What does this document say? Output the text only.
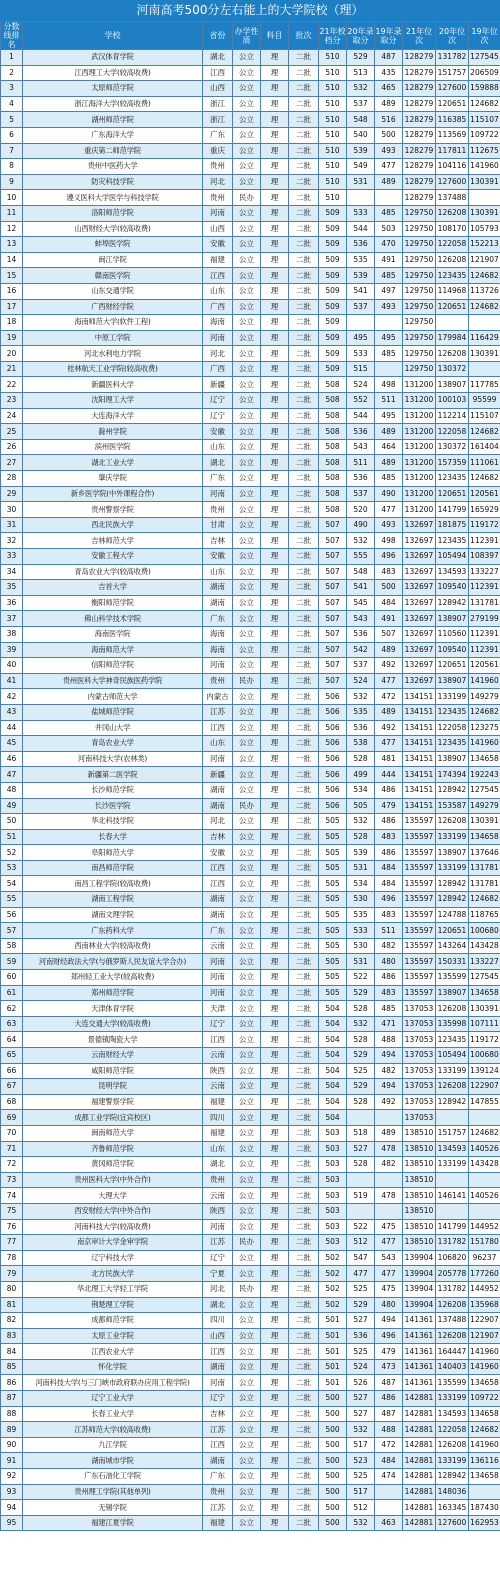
河南高考500分左右能上的大学院校（理）
分数线排名	学校	省份	办学性质	科目	批次	21年校档分	20年录取分	19年录取分	21年位次	20年位次	19年位次
1	武汉体育学院	湖北	公立	理	二批	510	529	487	128279	131782	127545
2	江西理工大学(较高收费)	江西	公立	理	二批	510	513	435	128279	151757	206509
3	太原师范学院	山西	公立	理	二批	510	532	465	128279	127600	159888
4	浙江海洋大学(较高收费)	浙江	公立	理	二批	510	537	489	128279	120651	124682
5	湖州师范学院	浙江	公立	理	二批	510	548	516	128279	116385	115107
6	广东海洋大学	广东	公立	理	二批	510	540	500	128279	113569	109722
7	重庆第二师范学院	重庆	公立	理	二批	510	539	493	128279	117811	112675
8	贵州中医药大学	贵州	公立	理	二批	510	549	477	128279	104116	141960
9	防灾科技学院	河北	公立	理	二批	510	531	489	128279	127600	130391
10	遵义医科大学医学与科技学院	贵州	民办	理	二批	510			128279	137488	
11	洛阳师范学院	河南	公立	理	二批	509	533	485	129750	126208	130391
12	山西财经大学(较高收费)	山西	公立	理	二批	509	544	503	129750	108170	105793
13	蚌埠医学院	安徽	公立	理	二批	509	536	470	129750	122058	152213
14	闽江学院	福建	公立	理	二批	509	535	491	129750	126208	121907
15	赣南医学院	江西	公立	理	二批	509	539	485	129750	123435	124682
16	山东交通学院	山东	公立	理	二批	509	541	497	129750	114968	113726
17	广西财经学院	广西	公立	理	二批	509	537	493	129750	120651	124682
18	海南师范大学(软件工程)	海南	公立	理	二批	509			129750		
19	中原工学院	河南	公立	理	二批	509	495	495	129750	179984	116429
20	河北水利电力学院	河北	公立	理	二批	509	533	485	129750	126208	130391
21	桂林航天工业学院(较高收费)	广西	公立	理	二批	509	515		129750	130372	
22	新疆医科大学	新疆	公立	理	二批	508	524	498	131200	138907	117785
23	沈阳理工大学	辽宁	公立	理	二批	508	552	511	131200	100103	95599
24	大连海洋大学	辽宁	公立	理	二批	508	544	495	131200	112214	115107
25	滁州学院	安徽	公立	理	二批	508	536	489	131200	122058	124682
26	滨州医学院	山东	公立	理	二批	508	543	464	131200	130372	161404
27	湖北工业大学	湖北	公立	理	二批	508	511	489	131200	157359	111061
28	肇庆学院	广东	公立	理	二批	508	536	485	131200	123435	124682
29	新乡医学院(中外课程合作)	河南	公立	理	二批	508	537	490	131200	120651	120561
30	贵州警察学院	贵州	公立	理	二批	508	520	477	131200	141799	165929
31	西北民族大学	甘肃	公立	理	二批	507	490	493	132697	181875	119172
32	吉林师范大学	吉林	公立	理	二批	507	532	498	132697	123435	112391
33	安徽工程大学	安徽	公立	理	二批	507	555	496	132697	105494	108397
34	青岛农业大学(较高收费)	山东	公立	理	二批	507	548	483	132697	134593	133227
35	吉首大学	湖南	公立	理	二批	507	541	500	132697	109540	112391
36	衡阳师范学院	湖南	公立	理	二批	507	545	484	132697	128942	131781
37	佛山科学技术学院	广东	公立	理	二批	507	543	491	132697	138907	279199
38	海南医学院	海南	公立	理	二批	507	536	507	132697	110560	112391
39	海南师范大学	海南	公立	理	二批	507	542	489	132697	109540	112391
40	信阳师范学院	河南	公立	理	二批	507	537	492	132697	120651	120561
41	贵州医科大学神奇民族医药学院	贵州	民办	理	二批	507	524	477	132697	138907	141960
42	内蒙古师范大学	内蒙古	公立	理	二批	506	532	472	134151	133199	149279
43	盐城师范学院	江苏	公立	理	二批	506	535	489	134151	123435	124682
44	井冈山大学	江西	公立	理	二批	506	536	492	134151	122058	123275
45	青岛农业大学	山东	公立	理	二批	506	538	477	134151	123435	141960
46	河南科技大学(农林类)	河南	公立	理	一批	506	528	481	134151	138907	134658
47	新疆第二医学院	新疆	公立	理	二批	506	499	444	134151	174394	192243
48	长沙师范学院	湖南	公立	理	二批	506	534	486	134151	128942	127545
49	长沙医学院	湖南	民办	理	二批	506	505	479	134151	153587	149279
50	华北科技学院	河北	公立	理	二批	505	532	486	135597	126208	130391
51	长春大学	吉林	公立	理	二批	505	528	483	135597	133199	134658
52	阜阳师范大学	安徽	公立	理	二批	505	539	486	135597	138907	137646
53	南昌师范学院	江西	公立	理	二批	505	531	484	135597	133199	131781
54	南昌工程学院(较高收费)	江西	公立	理	二批	505	534	484	135597	128942	131781
55	湖南工程学院	湖南	公立	理	二批	505	530	496	135597	128942	124682
56	湖南文理学院	湖南	公立	理	二批	505	535	483	135597	124788	118765
57	广东药科大学	广东	公立	理	二批	505	533	511	135597	120651	100680
58	西南林业大学(较高收费)	云南	公立	理	二批	505	530	482	135597	143264	143428
59	河南财经政法大学(与俄罗斯人民友谊大学合办)	河南	公立	理	二批	505	531	480	135597	150331	133227
60	郑州轻工业大学(较高收费)	河南	公立	理	二批	505	522	486	135597	135599	127545
61	郑州师范学院	河南	公立	理	二批	505	529	483	135597	138907	134658
62	天津体育学院	天津	公立	理	二批	504	528	485	137053	126208	130391
63	大连交通大学(较高收费)	辽宁	公立	理	二批	504	532	471	137053	135998	107111
64	景德镇陶瓷大学	江西	公立	理	二批	504	528	488	137053	123435	119172
65	云南财经大学	云南	公立	理	二批	504	529	494	137053	105494	100680
66	咸阳师范学院	陕西	公立	理	二批	504	525	482	137053	133199	139124
67	昆明学院	云南	公立	理	二批	504	529	494	137053	126208	122907
68	福建警察学院	福建	公立	理	二批	504	528	492	137053	128942	147855
69	成都工业学院(宜宾校区)	四川	公立	理	二批	504			137053		
70	闽南师范大学	福建	公立	理	二批	503	518	489	138510	151757	124682
71	齐鲁师范学院	山东	公立	理	二批	503	527	478	138510	134593	140526
72	黄冈师范学院	湖北	公立	理	二批	503	528	482	138510	133199	143428
73	贵州医科大学(中外合作)	贵州	公立	理	二批	503			138510		
74	大理大学	云南	公立	理	二批	503	519	478	138510	146141	140526
75	西安财经大学(中外合作)	陕西	公立	理	二批	503			138510		
76	河南科技大学(较高收费)	河南	公立	理	二批	503	522	475	138510	141799	144952
77	南京审计大学金审学院	江苏	民办	理	二批	503	512	477	138510	131782	151780
78	辽宁科技大学	辽宁	公立	理	二批	502	547	543	139904	106820	96237
79	北方民族大学	宁夏	公立	理	二批	502	477	477	139904	205778	177260
80	华北理工大学轻工学院	河北	民办	理	二批	502	525	475	139904	131782	144952
81	荆楚理工学院	湖北	公立	理	二批	502	529	480	139904	126208	135968
82	成都师范学院	四川	公立	理	二批	501	527	494	141361	137488	122907
83	太原工业学院	山西	公立	理	二批	501	536	496	141361	126208	121907
84	江西农业大学	江西	公立	理	二批	501	525	479	141361	164447	141960
85	怀化学院	湖南	公立	理	二批	501	524	473	141361	140403	141960
86	河南科技大学(与三门峡市政府联办应用工程学院)	河南	公立	理	二批	501	526	487	141361	135599	134658
87	辽宁工业大学	辽宁	公立	理	二批	500	527	486	142881	133199	109722
88	长春工业大学	吉林	公立	理	二批	500	527	487	142881	134593	134658
89	江苏师范大学(较高收费)	江苏	公立	理	二批	500	532	488	142881	122058	124682
90	九江学院	江西	公立	理	二批	500	517	472	142881	126208	141960
91	湖南城市学院	湖南	公立	理	二批	500	523	484	142881	133199	136116
92	广东石油化工学院	广东	公立	理	二批	500	525	474	142881	128942	134658
93	贵州理工学院(其他单列)	贵州	公立	理	二批	500	517		142881	148036	
94	无锡学院	江苏	公立	理	二批	500	512		142881	163345	187430
95	福建江夏学院	福建	公立	理	二批	500	532	463	142881	127600	162953
